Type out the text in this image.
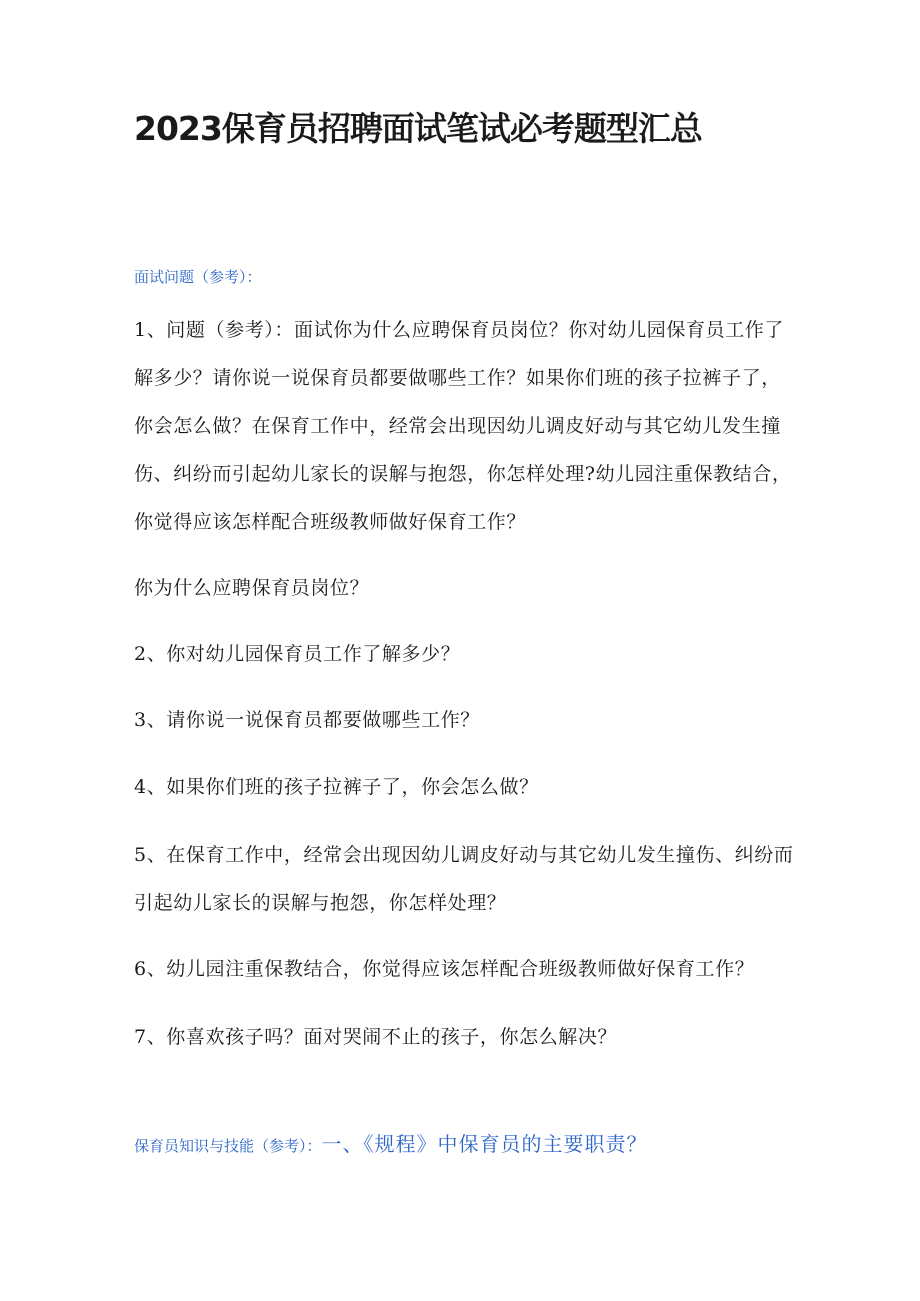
2023保育员招聘面试笔试必考题型汇总

面试问题（参考）：

1、问题（参考）：面试你为什么应聘保育员岗位？你对幼儿园保育员工作了解多少？请你说一说保育员都要做哪些工作？如果你们班的孩子拉裤子了，你会怎么做？在保育工作中，经常会出现因幼儿调皮好动与其它幼儿发生撞伤、纠纷而引起幼儿家长的误解与抱怨，你怎样处理?幼儿园注重保教结合，你觉得应该怎样配合班级教师做好保育工作？

你为什么应聘保育员岗位？

2、你对幼儿园保育员工作了解多少？

3、请你说一说保育员都要做哪些工作？

4、如果你们班的孩子拉裤子了，你会怎么做？

5、在保育工作中，经常会出现因幼儿调皮好动与其它幼儿发生撞伤、纠纷而引起幼儿家长的误解与抱怨，你怎样处理？

6、幼儿园注重保教结合，你觉得应该怎样配合班级教师做好保育工作？

7、你喜欢孩子吗？面对哭闹不止的孩子，你怎么解决？

保育员知识与技能（参考）：一、《规程》中保育员的主要职责？
